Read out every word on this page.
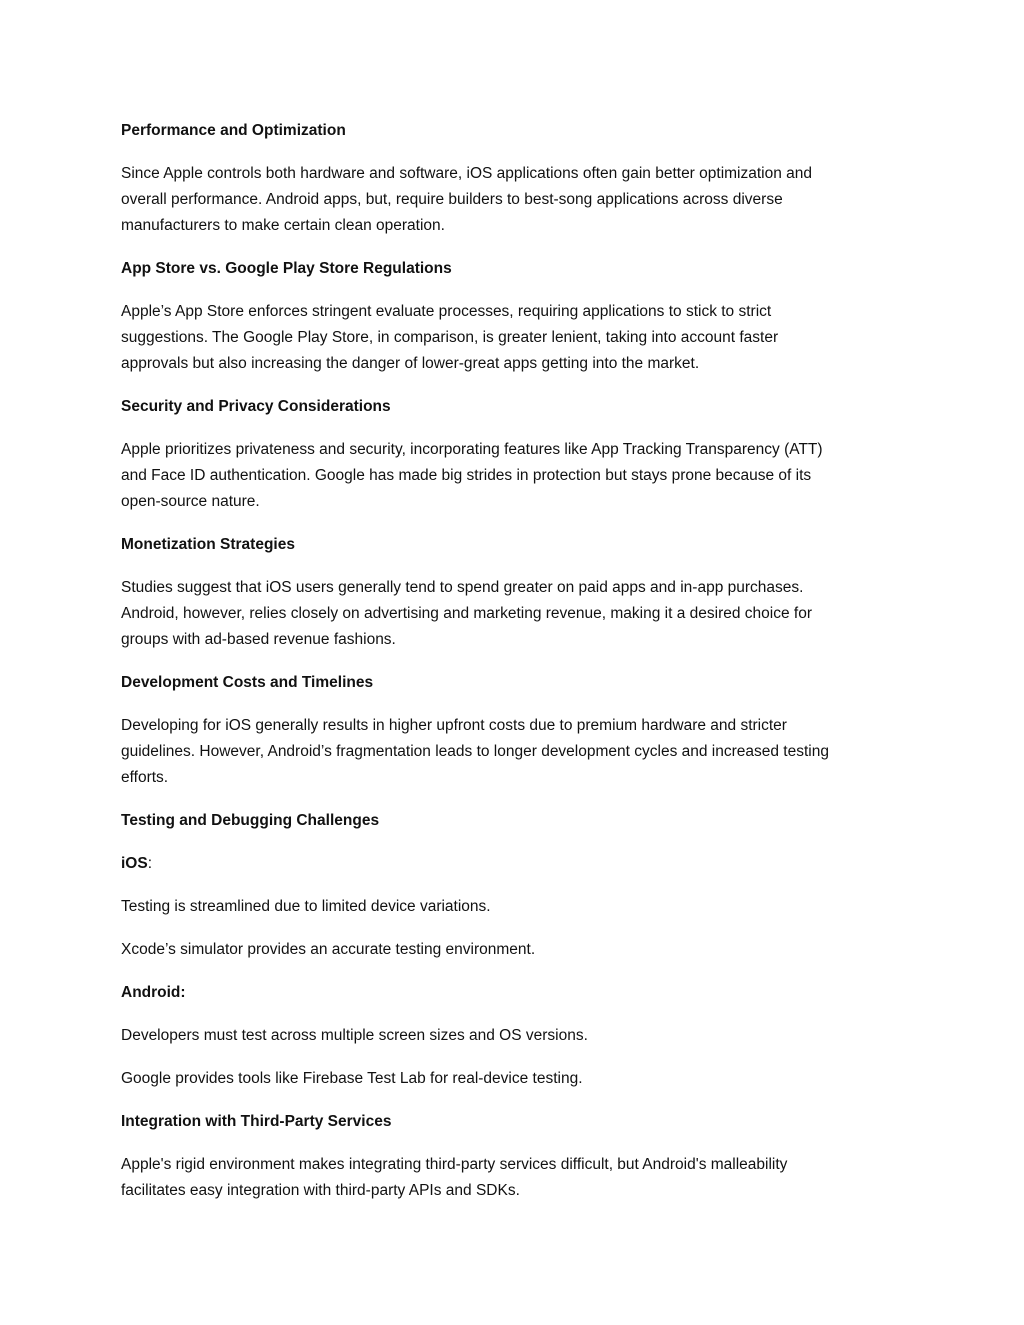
Performance and Optimization
Since Apple controls both hardware and software, iOS applications often gain better optimization and
overall performance. Android apps, but, require builders to best-song applications across diverse
manufacturers to make certain clean operation.
App Store vs. Google Play Store Regulations
Apple’s App Store enforces stringent evaluate processes, requiring applications to stick to strict
suggestions. The Google Play Store, in comparison, is greater lenient, taking into account faster
approvals but also increasing the danger of lower-great apps getting into the market.
Security and Privacy Considerations
Apple prioritizes privateness and security, incorporating features like App Tracking Transparency (ATT)
and Face ID authentication. Google has made big strides in protection but stays prone because of its
open-source nature.
Monetization Strategies
Studies suggest that iOS users generally tend to spend greater on paid apps and in-app purchases.
Android, however, relies closely on advertising and marketing revenue, making it a desired choice for
groups with ad-based revenue fashions.
Development Costs and Timelines
Developing for iOS generally results in higher upfront costs due to premium hardware and stricter
guidelines. However, Android’s fragmentation leads to longer development cycles and increased testing
efforts.
Testing and Debugging Challenges
iOS:
Testing is streamlined due to limited device variations.
Xcode’s simulator provides an accurate testing environment.
Android:
Developers must test across multiple screen sizes and OS versions.
Google provides tools like Firebase Test Lab for real-device testing.
Integration with Third-Party Services
Apple's rigid environment makes integrating third-party services difficult, but Android's malleability
facilitates easy integration with third-party APIs and SDKs.
